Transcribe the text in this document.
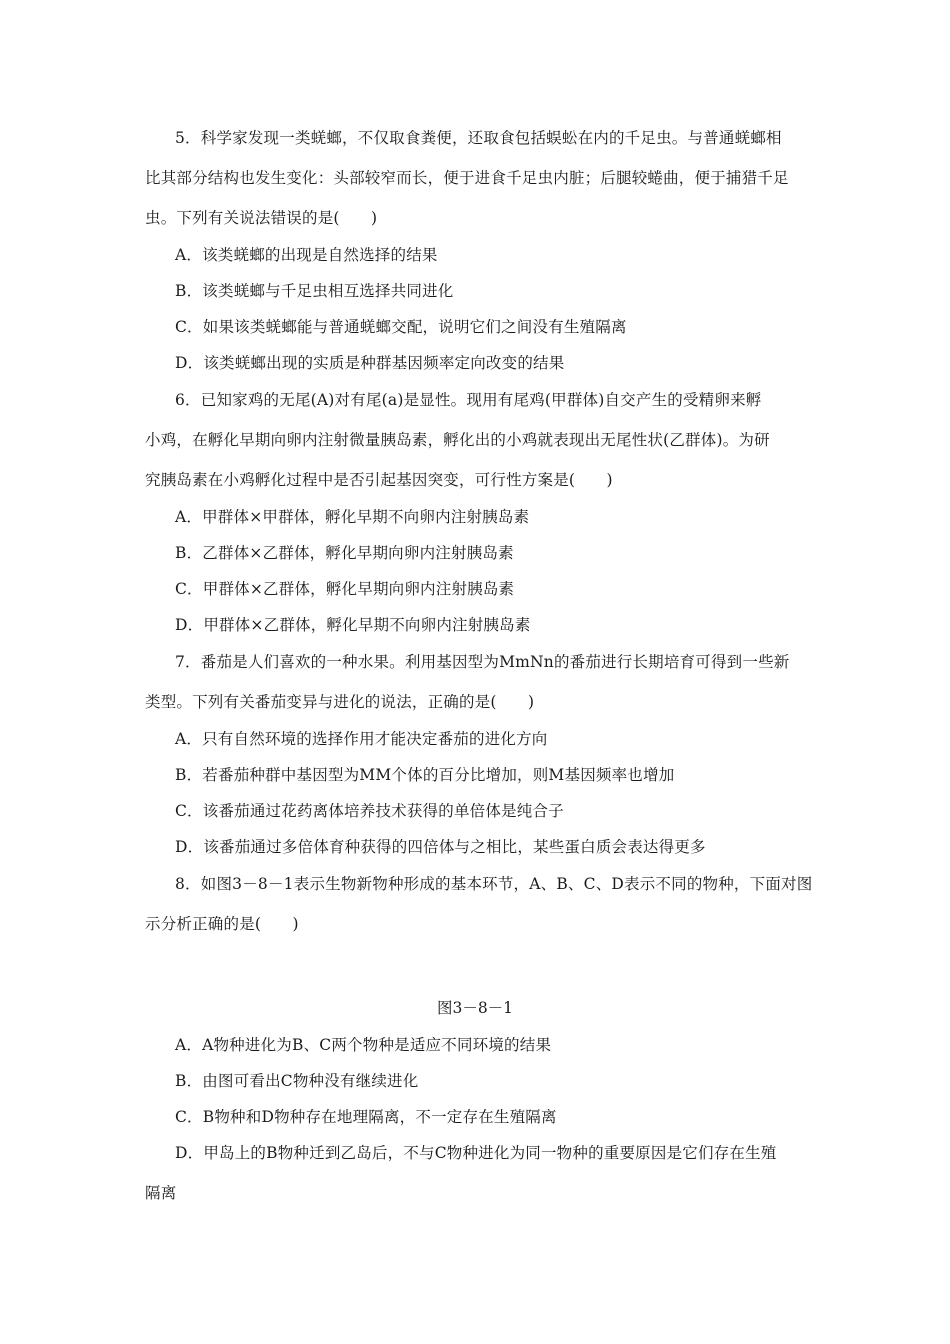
5．科学家发现一类蜣螂，不仅取食粪便，还取食包括蜈蚣在内的千足虫。与普通蜣螂相
比其部分结构也发生变化：头部较窄而长，便于进食千足虫内脏；后腿较蜷曲，便于捕猎千足
虫。下列有关说法错误的是(　　)
A．该类蜣螂的出现是自然选择的结果
B．该类蜣螂与千足虫相互选择共同进化
C．如果该类蜣螂能与普通蜣螂交配，说明它们之间没有生殖隔离
D．该类蜣螂出现的实质是种群基因频率定向改变的结果
6．已知家鸡的无尾(A)对有尾(a)是显性。现用有尾鸡(甲群体)自交产生的受精卵来孵
小鸡，在孵化早期向卵内注射微量胰岛素，孵化出的小鸡就表现出无尾性状(乙群体)。为研
究胰岛素在小鸡孵化过程中是否引起基因突变，可行性方案是(　　)
A．甲群体×甲群体，孵化早期不向卵内注射胰岛素
B．乙群体×乙群体，孵化早期向卵内注射胰岛素
C．甲群体×乙群体，孵化早期向卵内注射胰岛素
D．甲群体×乙群体，孵化早期不向卵内注射胰岛素
7．番茄是人们喜欢的一种水果。利用基因型为MmNn的番茄进行长期培育可得到一些新
类型。下列有关番茄变异与进化的说法，正确的是(　　)
A．只有自然环境的选择作用才能决定番茄的进化方向
B．若番茄种群中基因型为MM个体的百分比增加，则M基因频率也增加
C．该番茄通过花药离体培养技术获得的单倍体是纯合子
D．该番茄通过多倍体育种获得的四倍体与之相比，某些蛋白质会表达得更多
8．如图3－8－1表示生物新物种形成的基本环节，A、B、C、D表示不同的物种，下面对图
示分析正确的是(　　)
图3－8－1
A．A物种进化为B、C两个物种是适应不同环境的结果
B．由图可看出C物种没有继续进化
C．B物种和D物种存在地理隔离，不一定存在生殖隔离
D．甲岛上的B物种迁到乙岛后，不与C物种进化为同一物种的重要原因是它们存在生殖
隔离
